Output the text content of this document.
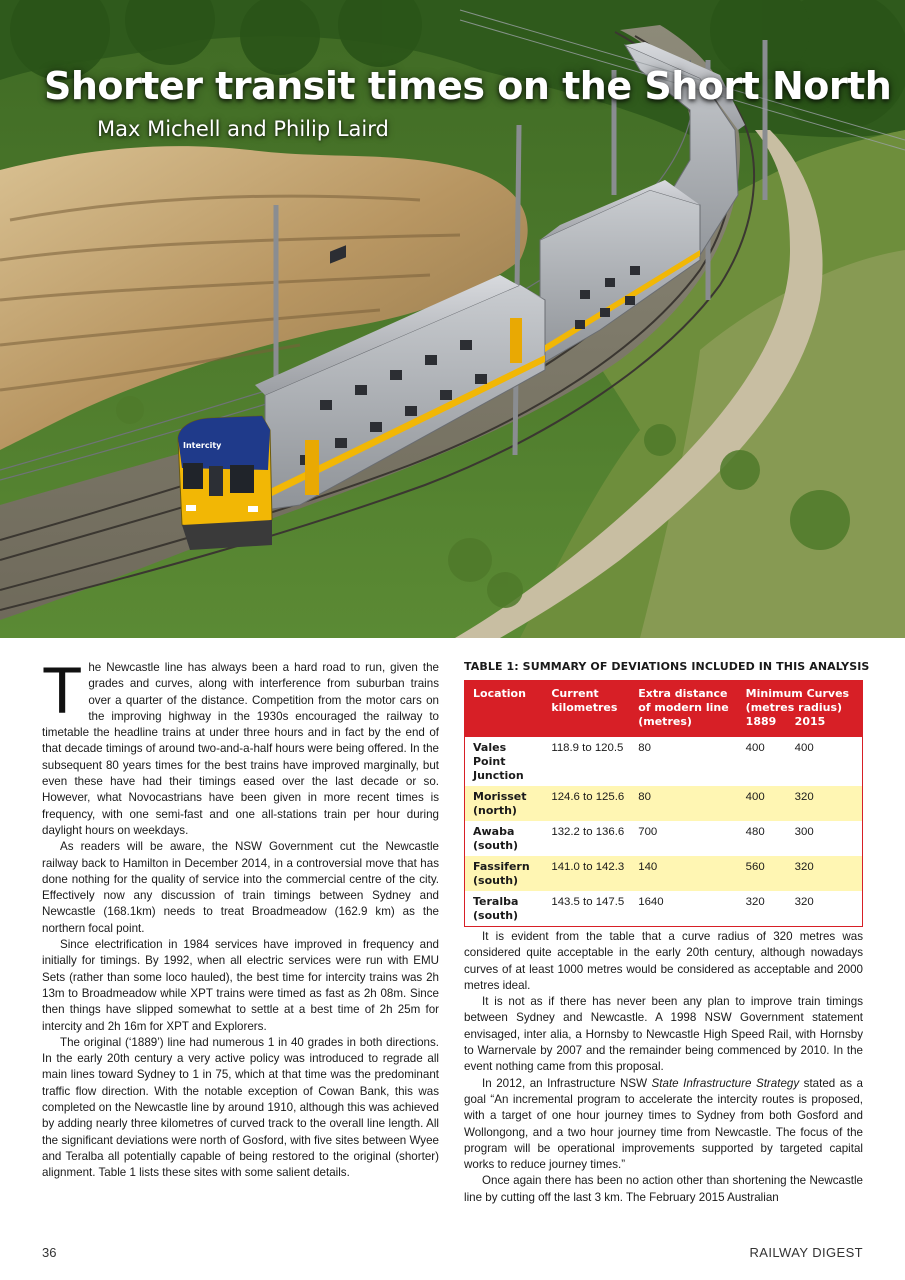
Intercity
Shorter transit times on the Short North
Max Michell and Philip Laird

The Newcastle line has always been a hard road to run, given the grades and curves, along with interference from suburban trains over a quarter of the distance. Competition from the motor cars on the improving highway in the 1930s encouraged the railway to timetable the headline trains at under three hours and in fact by the end of that decade timings of around two-and-a-half hours were being offered. In the subsequent 80 years times for the best trains have improved marginally, but even these have had their timings eased over the last decade or so. However, what Novocastrians have been given in more recent times is frequency, with one semi-fast and one all-stations train per hour during daylight hours on weekdays.

As readers will be aware, the NSW Government cut the Newcastle railway back to Hamilton in December 2014, in a controversial move that has done nothing for the quality of service into the commercial centre of the city. Effectively now any discussion of train timings between Sydney and Newcastle (168.1km) needs to treat Broadmeadow (162.9 km) as the northern focal point.

Since electrification in 1984 services have improved in frequency and initially for timings. By 1992, when all electric services were run with EMU Sets (rather than some loco hauled), the best time for intercity trains was 2h 13m to Broadmeadow while XPT trains were timed as fast as 2h 08m. Since then things have slipped somewhat to settle at a best time of 2h 25m for intercity and 2h 16m for XPT and Explorers.

The original (‘1889’) line had numerous 1 in 40 grades in both directions. In the early 20th century a very active policy was introduced to regrade all main lines toward Sydney to 1 in 75, which at that time was the predominant traffic flow direction. With the notable exception of Cowan Bank, this was completed on the Newcastle line by around 1910, although this was achieved by adding nearly three kilometres of curved track to the overall line length. All the significant deviations were north of Gosford, with five sites between Wyee and Teralba all potentially capable of being restored to the original (shorter) alignment. Table 1 lists these sites with some salient details.

TABLE 1: SUMMARY OF DEVIATIONS INCLUDED IN THIS ANALYSIS
Location	Current kilometres	Extra distance of modern line (metres)	Minimum Curves (metres radius)
1889 2015

Vales Point Junction	118.9 to 120.5	80	400 400

Morisset (north)	124.6 to 125.6	80	400 320

Awaba (south)	132.2 to 136.6	700	480 300

Fassifern (south)	141.0 to 142.3	140	560 320

Teralba (south)	143.5 to 147.5	1640	320 320

It is evident from the table that a curve radius of 320 metres was considered quite acceptable in the early 20th century, although nowadays curves of at least 1000 metres would be considered as acceptable and 2000 metres ideal.

It is not as if there has never been any plan to improve train timings between Sydney and Newcastle. A 1998 NSW Government statement envisaged, inter alia, a Hornsby to Newcastle High Speed Rail, with Hornsby to Warnervale by 2007 and the remainder being commenced by 2010. In the event nothing came from this proposal.

In 2012, an Infrastructure NSW State Infrastructure Strategy stated as a goal “An incremental program to accelerate the intercity routes is proposed, with a target of one hour journey times to Sydney from both Gosford and Wollongong, and a two hour journey time from Newcastle. The focus of the program will be operational improvements supported by targeted capital works to reduce journey times.”

Once again there has been no action other than shortening the Newcastle line by cutting off the last 3 km. The February 2015 Australian

36	RAILWAY DIGEST
